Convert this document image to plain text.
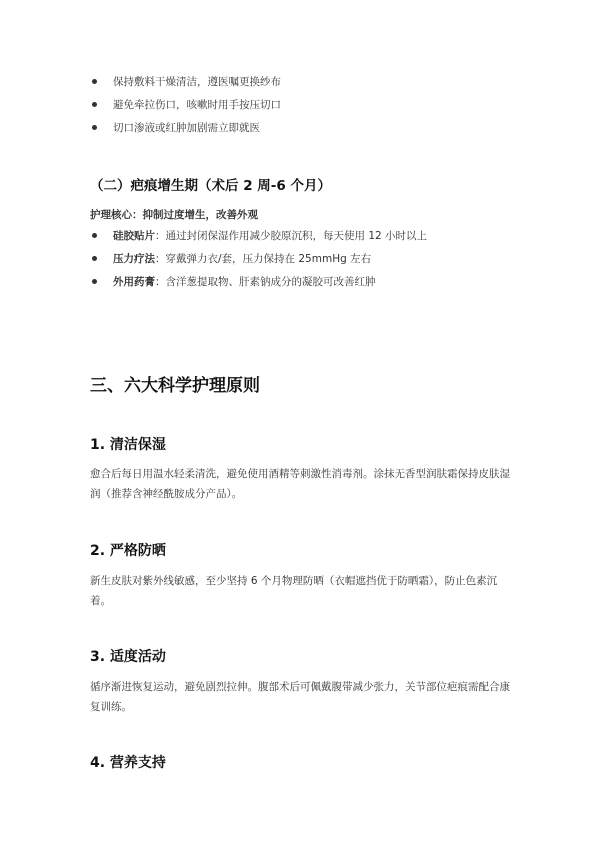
保持敷料干燥清洁，遵医嘱更换纱布
避免牵拉伤口，咳嗽时用手按压切口
切口渗液或红肿加剧需立即就医
（二）疤痕增生期（术后 2 周-6 个月）

护理核心：抑制过度增生，改善外观

硅胶贴片：通过封闭保湿作用减少胶原沉积，每天使用 12 小时以上
压力疗法：穿戴弹力衣/套，压力保持在 25mmHg 左右
外用药膏：含洋葱提取物、肝素钠成分的凝胶可改善红肿
三、六大科学护理原则
1. 清洁保湿

愈合后每日用温水轻柔清洗，避免使用酒精等刺激性消毒剂。涂抹无香型润肤霜保持皮肤湿润（推荐含神经酰胺成分产品）。

2. 严格防晒

新生皮肤对紫外线敏感，至少坚持 6 个月物理防晒（衣帽遮挡优于防晒霜），防止色素沉着。

3. 适度活动

循序渐进恢复运动，避免剧烈拉伸。腹部术后可佩戴腹带减少张力，关节部位疤痕需配合康复训练。

4. 营养支持
